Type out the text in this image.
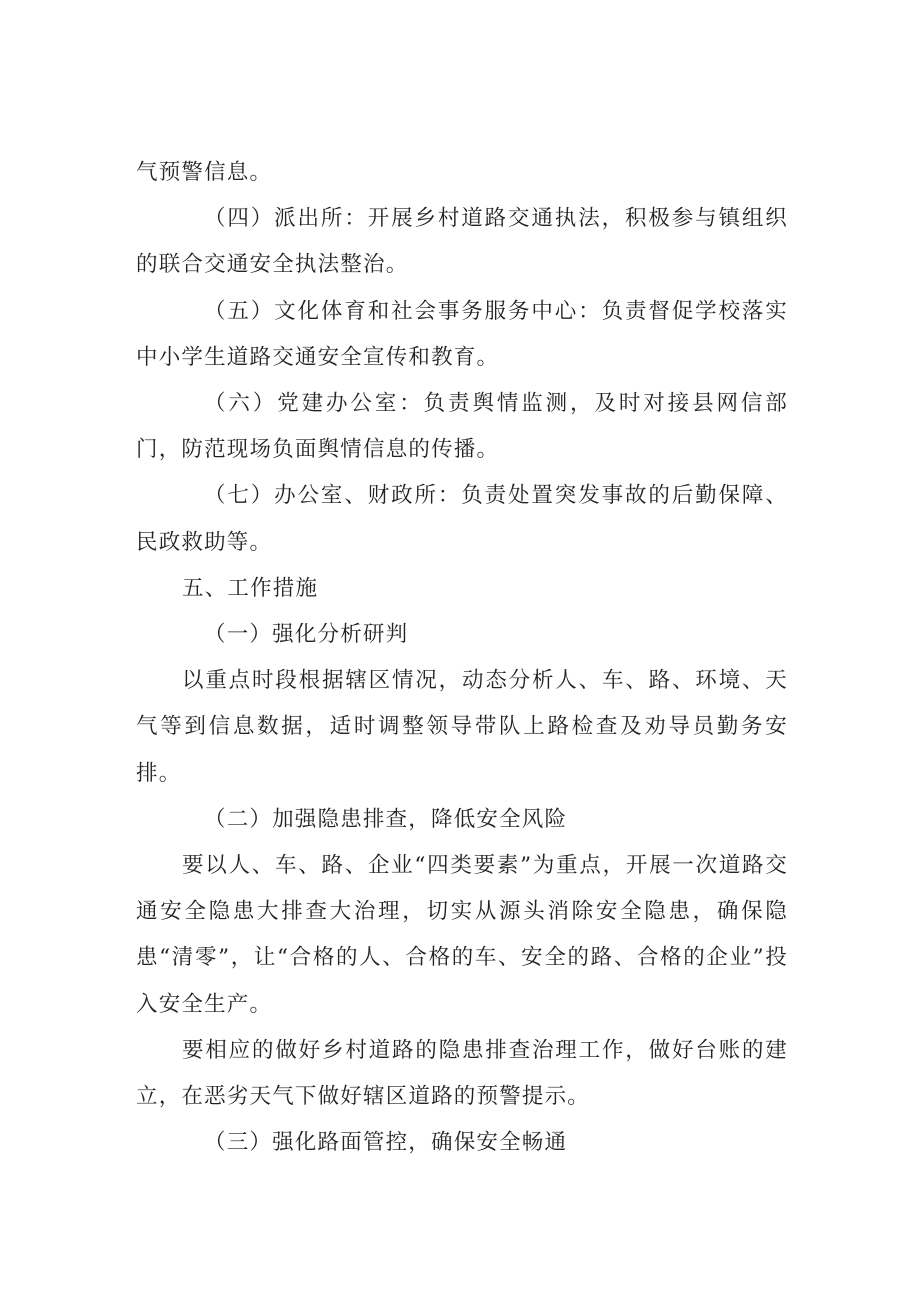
气预警信息。

（四）派出所：开展乡村道路交通执法，积极参与镇组织的联合交通安全执法整治。

（五）文化体育和社会事务服务中心：负责督促学校落实中小学生道路交通安全宣传和教育。

（六）党建办公室：负责舆情监测，及时对接县网信部门，防范现场负面舆情信息的传播。

（七）办公室、财政所：负责处置突发事故的后勤保障、民政救助等。

五、工作措施

（一）强化分析研判

以重点时段根据辖区情况，动态分析人、车、路、环境、天气等到信息数据，适时调整领导带队上路检查及劝导员勤务安排。

（二）加强隐患排查，降低安全风险

要以人、车、路、企业“四类要素”为重点，开展一次道路交通安全隐患大排查大治理，切实从源头消除安全隐患，确保隐患“清零”，让“合格的人、合格的车、安全的路、合格的企业”投入安全生产。

要相应的做好乡村道路的隐患排查治理工作，做好台账的建立，在恶劣天气下做好辖区道路的预警提示。

（三）强化路面管控，确保安全畅通
